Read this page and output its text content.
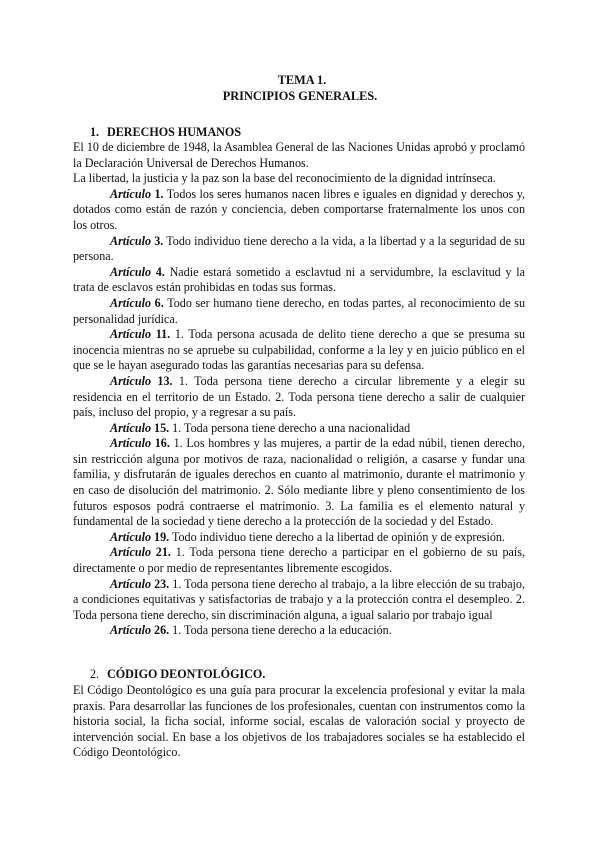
TEMA 1.
PRINCIPIOS GENERALES.
1. DERECHOS HUMANOS

El 10 de diciembre de 1948, la Asamblea General de las Naciones Unidas aprobó y proclamó la Declaración Universal de Derechos Humanos.

La libertad, la justicia y la paz son la base del reconocimiento de la dignidad intrínseca.

Artículo 1. Todos los seres humanos nacen libres e iguales en dignidad y derechos y, dotados como están de razón y conciencia, deben comportarse fraternalmente los unos con los otros.

Artículo 3. Todo individuo tiene derecho a la vida, a la libertad y a la seguridad de su persona.

Artículo 4. Nadie estará sometido a esclavtud ni a servidumbre, la esclavitud y la trata de esclavos están prohibidas en todas sus formas.

Artículo 6. Todo ser humano tiene derecho, en todas partes, al reconocimiento de su personalidad jurídica.

Artículo 11. 1. Toda persona acusada de delito tiene derecho a que se presuma su inocencia mientras no se apruebe su culpabilidad, conforme a la ley y en juicio público en el que se le hayan asegurado todas las garantías necesarias para su defensa.

Artículo 13. 1. Toda persona tiene derecho a circular libremente y a elegir su residencia en el territorio de un Estado. 2. Toda persona tiene derecho a salir de cualquier país, incluso del propio, y a regresar a su país.

Artículo 15. 1. Toda persona tiene derecho a una nacionalidad

Artículo 16. 1. Los hombres y las mujeres, a partir de la edad núbil, tienen derecho, sin restricción alguna por motivos de raza, nacionalidad o religión, a casarse y fundar una familia, y disfrutarán de iguales derechos en cuanto al matrimonio, durante el matrimonio y en caso de disolución del matrimonio. 2. Sólo mediante libre y pleno consentimiento de los futuros esposos podrá contraerse el matrimonio. 3. La familia es el elemento natural y fundamental de la sociedad y tiene derecho a la protección de la sociedad y del Estado.

Artículo 19. Todo individuo tiene derecho a la libertad de opinión y de expresión.

Artículo 21. 1. Toda persona tiene derecho a participar en el gobierno de su país, directamente o por medio de representantes libremente escogidos.

Artículo 23. 1. Toda persona tiene derecho al trabajo, a la libre elección de su trabajo, a condiciones equitativas y satisfactorias de trabajo y a la protección contra el desempleo. 2. Toda persona tiene derecho, sin discriminación alguna, a igual salario por trabajo igual

Artículo 26. 1. Toda persona tiene derecho a la educación.

2. CÓDIGO DEONTOLÓGICO.

El Código Deontológico es una guía para procurar la excelencia profesional y evitar la mala praxis. Para desarrollar las funciones de los profesionales, cuentan con instrumentos como la historia social, la ficha social, informe social, escalas de valoración social y proyecto de intervención social. En base a los objetivos de los trabajadores sociales se ha establecido el Código Deontológico.
